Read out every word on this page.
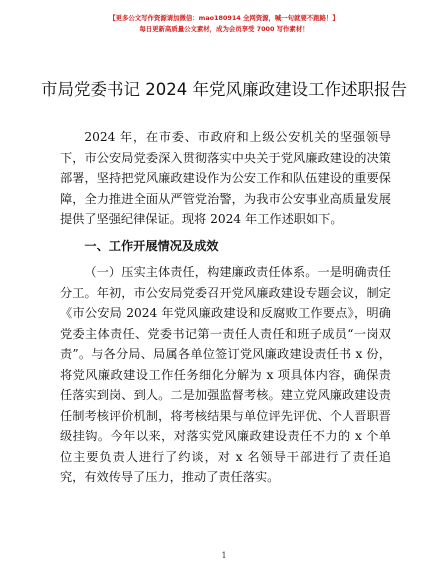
【更多公文写作资源请加微信：mao180914 全网资源，喊一句就要不跑路！】
每日更新高质量公文素材，成为会员享受 7000 写作素材！
市局党委书记 2024 年党风廉政建设工作述职报告

2024 年，在市委、市政府和上级公安机关的坚强领导下，市公安局党委深入贯彻落实中央关于党风廉政建设的决策部署，坚持把党风廉政建设作为公安工作和队伍建设的重要保障，全力推进全面从严管党治警，为我市公安事业高质量发展提供了坚强纪律保证。现将 2024 年工作述职如下。

一、工作开展情况及成效

（一）压实主体责任，构建廉政责任体系。一是明确责任分工。年初，市公安局党委召开党风廉政建设专题会议，制定《市公安局 2024 年党风廉政建设和反腐败工作要点》，明确党委主体责任、党委书记第一责任人责任和班子成员“一岗双责”。与各分局、局属各单位签订党风廉政建设责任书 x 份，将党风廉政建设工作任务细化分解为 x 项具体内容，确保责任落实到岗、到人。二是加强监督考核。建立党风廉政建设责任制考核评价机制，将考核结果与单位评先评优、个人晋职晋级挂钩。今年以来，对落实党风廉政建设责任不力的 x 个单位主要负责人进行了约谈，对 x 名领导干部进行了责任追究，有效传导了压力，推动了责任落实。

1
